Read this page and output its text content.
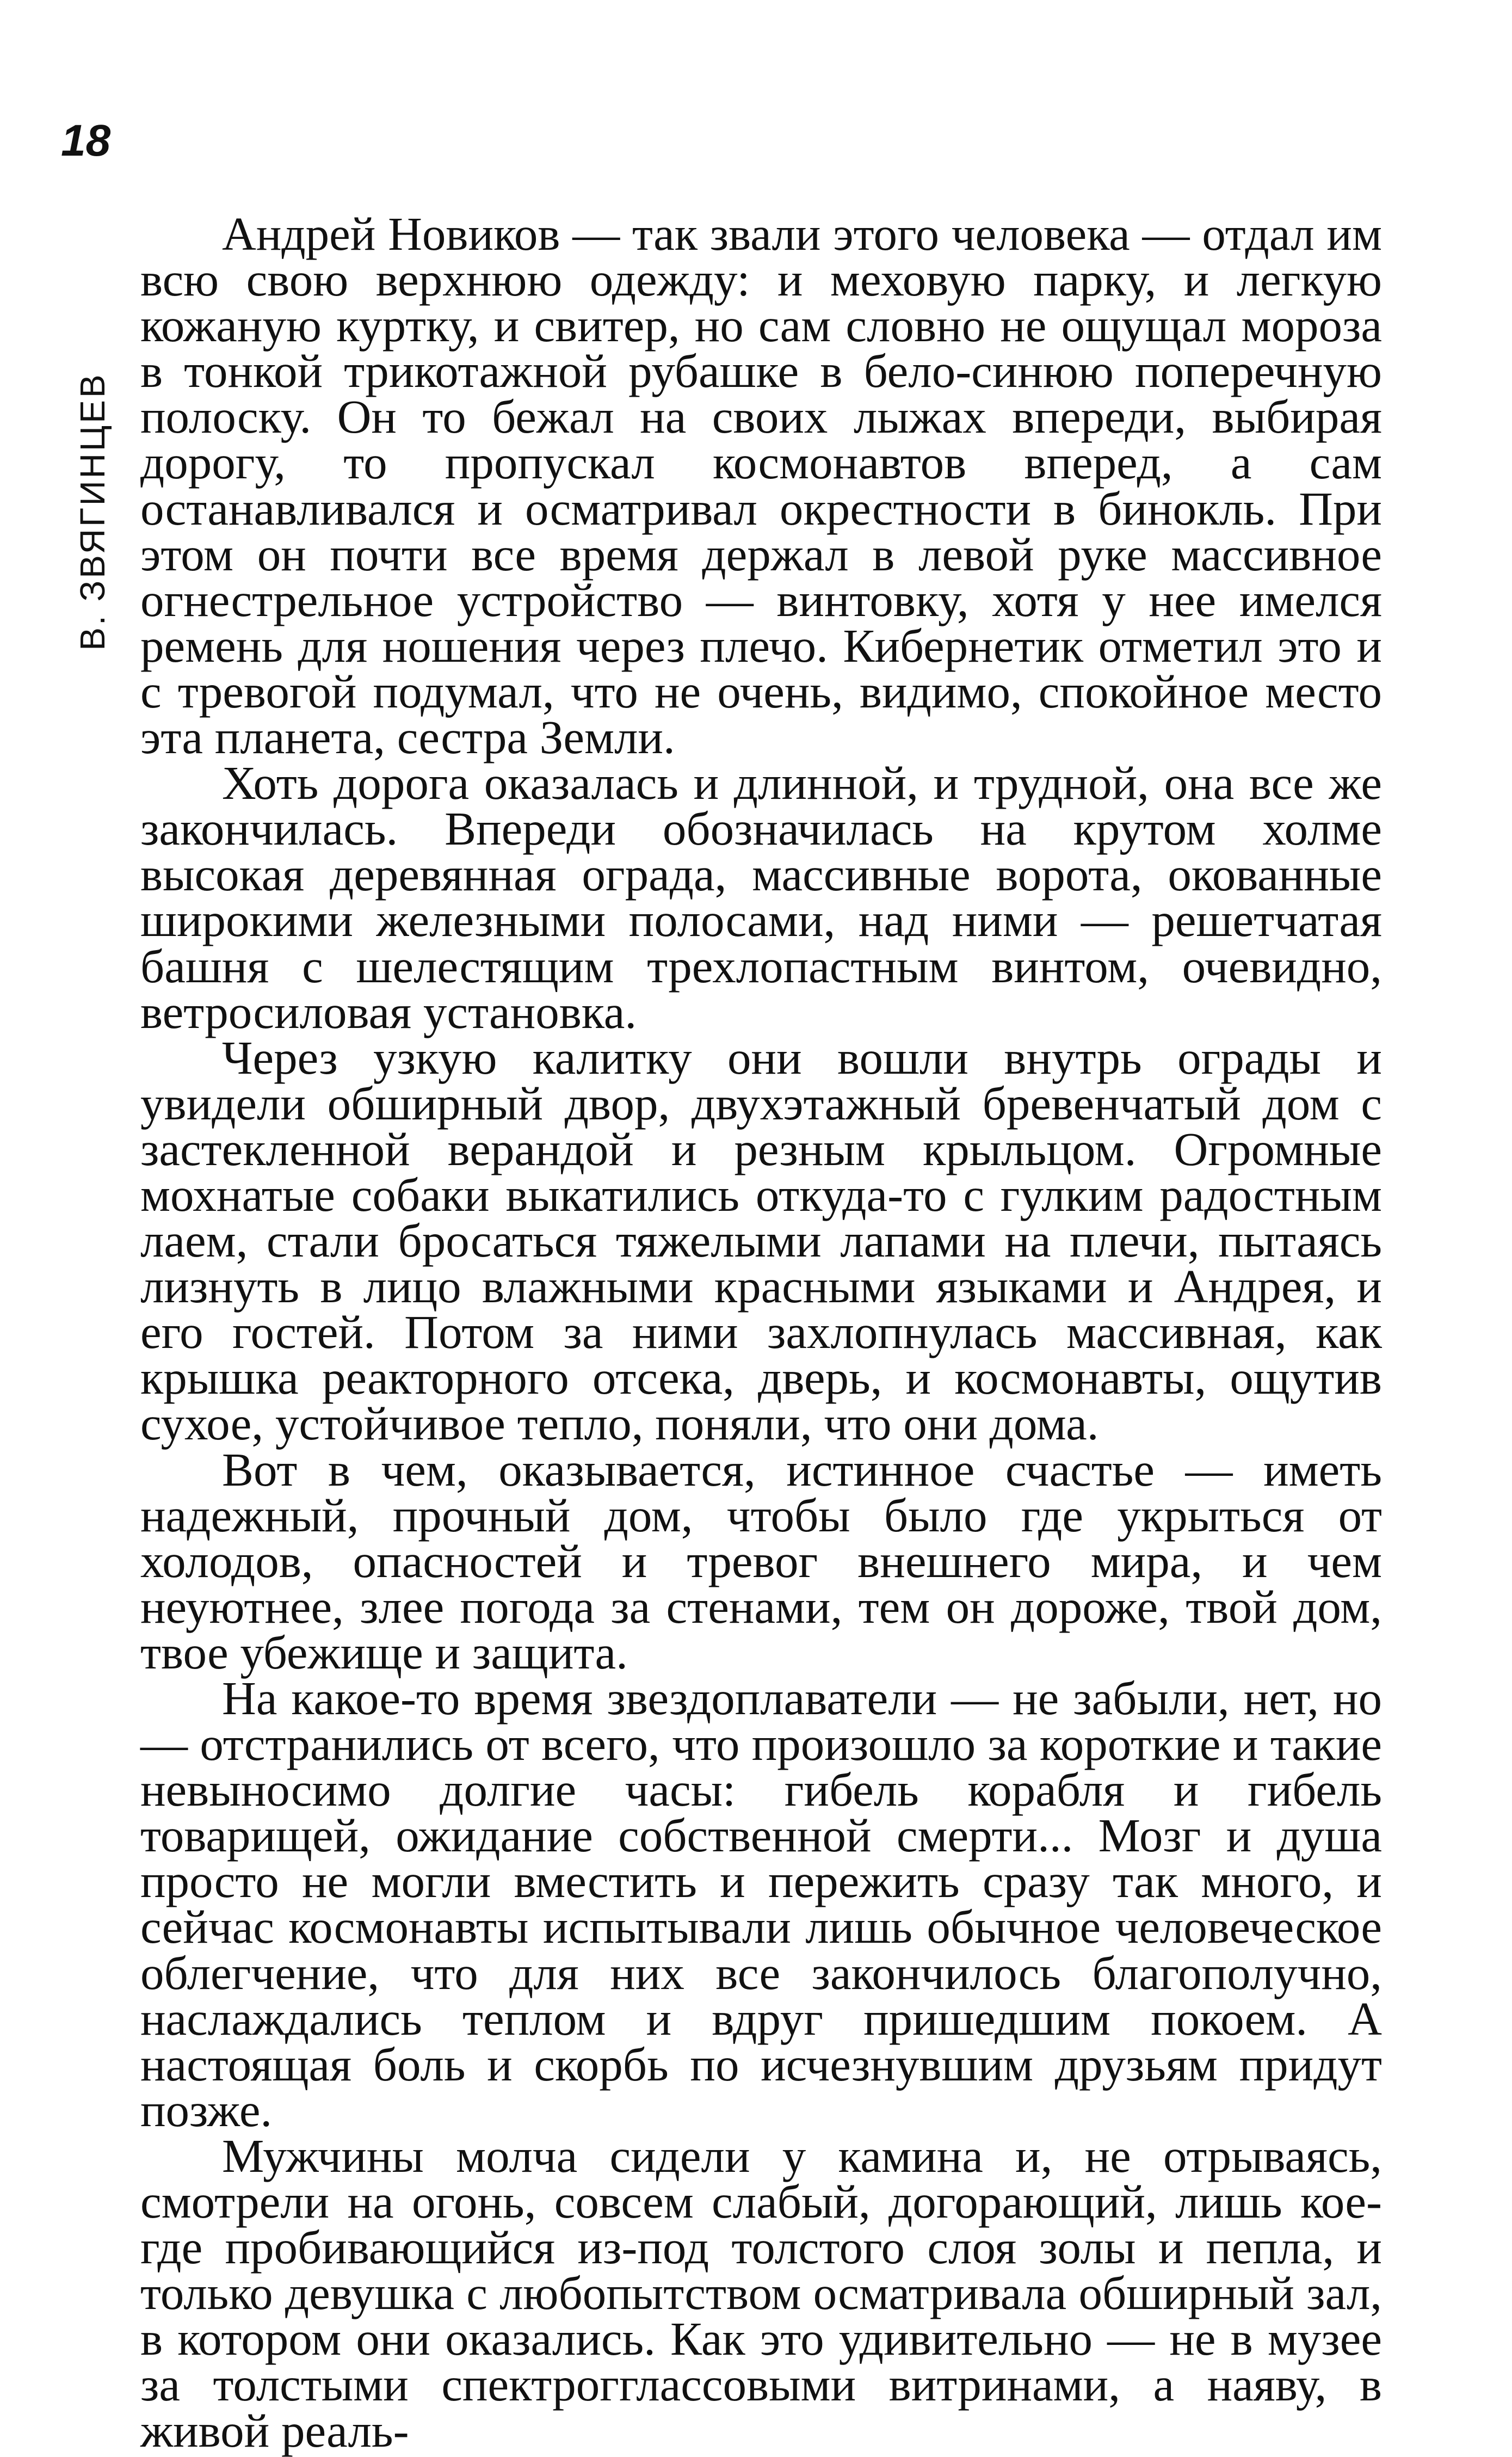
18
В. ЗВЯГИНЦЕВ

Андрей Новиков — так звали этого человека — отдал им всю свою верхнюю одежду: и меховую парку, и легкую кожаную куртку, и свитер, но сам словно не ощущал мороза в тонкой трикотажной рубашке в бело-синюю поперечную полоску. Он то бежал на своих лыжах впереди, выбирая дорогу, то пропускал космонавтов вперед, а сам останавливался и осматривал окрестности в бинокль. При этом он почти все время держал в левой руке массивное огнестрельное устройство — винтовку, хотя у нее имелся ремень для ношения через плечо. Кибернетик отметил это и с тревогой подумал, что не очень, видимо, спокойное место эта планета, сестра Земли.

Хоть дорога оказалась и длинной, и трудной, она все же закончилась. Впереди обозначилась на крутом холме высокая деревянная ограда, массивные ворота, окованные широкими железными полосами, над ними — решетчатая башня с шелестящим трехлопастным винтом, очевидно, ветросиловая установка.

Через узкую калитку они вошли внутрь ограды и увидели обширный двор, двухэтажный бревенчатый дом с застекленной верандой и резным крыльцом. Огромные мохнатые собаки выкатились откуда-то с гулким радостным лаем, стали бросаться тяжелыми лапами на плечи, пытаясь лизнуть в лицо влажными красными языками и Андрея, и его гостей. Потом за ними захлопнулась массивная, как крышка реакторного отсека, дверь, и космонавты, ощутив сухое, устойчивое тепло, поняли, что они дома.

Вот в чем, оказывается, истинное счастье — иметь надежный, прочный дом, чтобы было где укрыться от холодов, опасностей и тревог внешнего мира, и чем неуютнее, злее погода за стенами, тем он дороже, твой дом, твое убежище и защита.

На какое-то время звездоплаватели — не забыли, нет, но — отстранились от всего, что произошло за короткие и такие невыносимо долгие часы: гибель корабля и гибель товарищей, ожидание собственной смерти... Мозг и душа просто не могли вместить и пережить сразу так много, и сейчас космонавты испытывали лишь обычное человеческое облегчение, что для них все закончилось благополучно, наслаждались теплом и вдруг пришедшим покоем. А настоящая боль и скорбь по исчезнувшим друзьям придут позже.

Мужчины молча сидели у камина и, не отрываясь, смотрели на огонь, совсем слабый, догорающий, лишь кое-где пробивающийся из-под толстого слоя золы и пепла, и только девушка с любопытством осматривала обширный зал, в котором они оказались. Как это удивительно — не в музее за толстыми спектрогглассовыми витринами, а наяву, в живой реаль-
